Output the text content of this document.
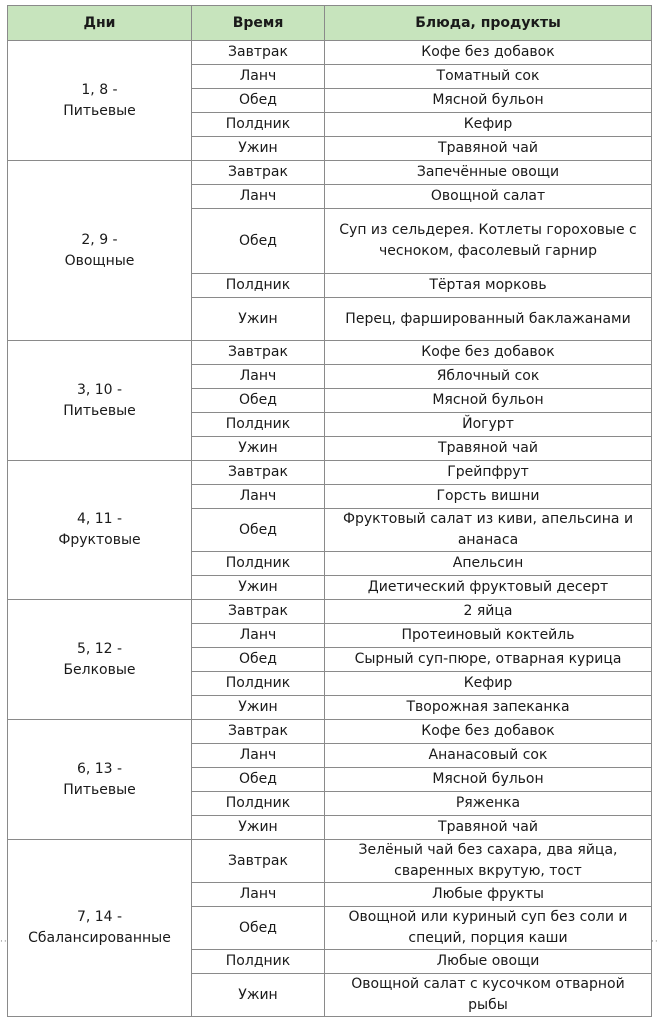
Дни	Время	Блюда, продукты

1, 8 -
Питьевые	Завтрак	Кофе без добавок
	Ланч	Томатный сок
	Обед	Мясной бульон
	Полдник	Кефир
	Ужин	Травяной чай

2, 9 -
Овощные	Завтрак	Запечённые овощи
	Ланч	Овощной салат
	Обед	Суп из сельдерея. Котлеты гороховые с чесноком, фасолевый гарнир
	Полдник	Тёртая морковь
	Ужин	Перец, фаршированный баклажанами

3, 10 -
Питьевые	Завтрак	Кофе без добавок
	Ланч	Яблочный сок
	Обед	Мясной бульон
	Полдник	Йогурт
	Ужин	Травяной чай

4, 11 -
Фруктовые	Завтрак	Грейпфрут
	Ланч	Горсть вишни
	Обед	Фруктовый салат из киви, апельсина и ананаса
	Полдник	Апельсин
	Ужин	Диетический фруктовый десерт

5, 12 -
Белковые	Завтрак	2 яйца
	Ланч	Протеиновый коктейль
	Обед	Сырный суп-пюре, отварная курица
	Полдник	Кефир
	Ужин	Творожная запеканка

6, 13 -
Питьевые	Завтрак	Кофе без добавок
	Ланч	Ананасовый сок
	Обед	Мясной бульон
	Полдник	Ряженка
	Ужин	Травяной чай

7, 14 -
Сбалансированные	Завтрак	Зелёный чай без сахара, два яйца, сваренных вкрутую, тост
	Ланч	Любые фрукты
	Обед	Овощной или куриный суп без соли и специй, порция каши
	Полдник	Любые овощи
	Ужин	Овощной салат с кусочком отварной рыбы
··	··
